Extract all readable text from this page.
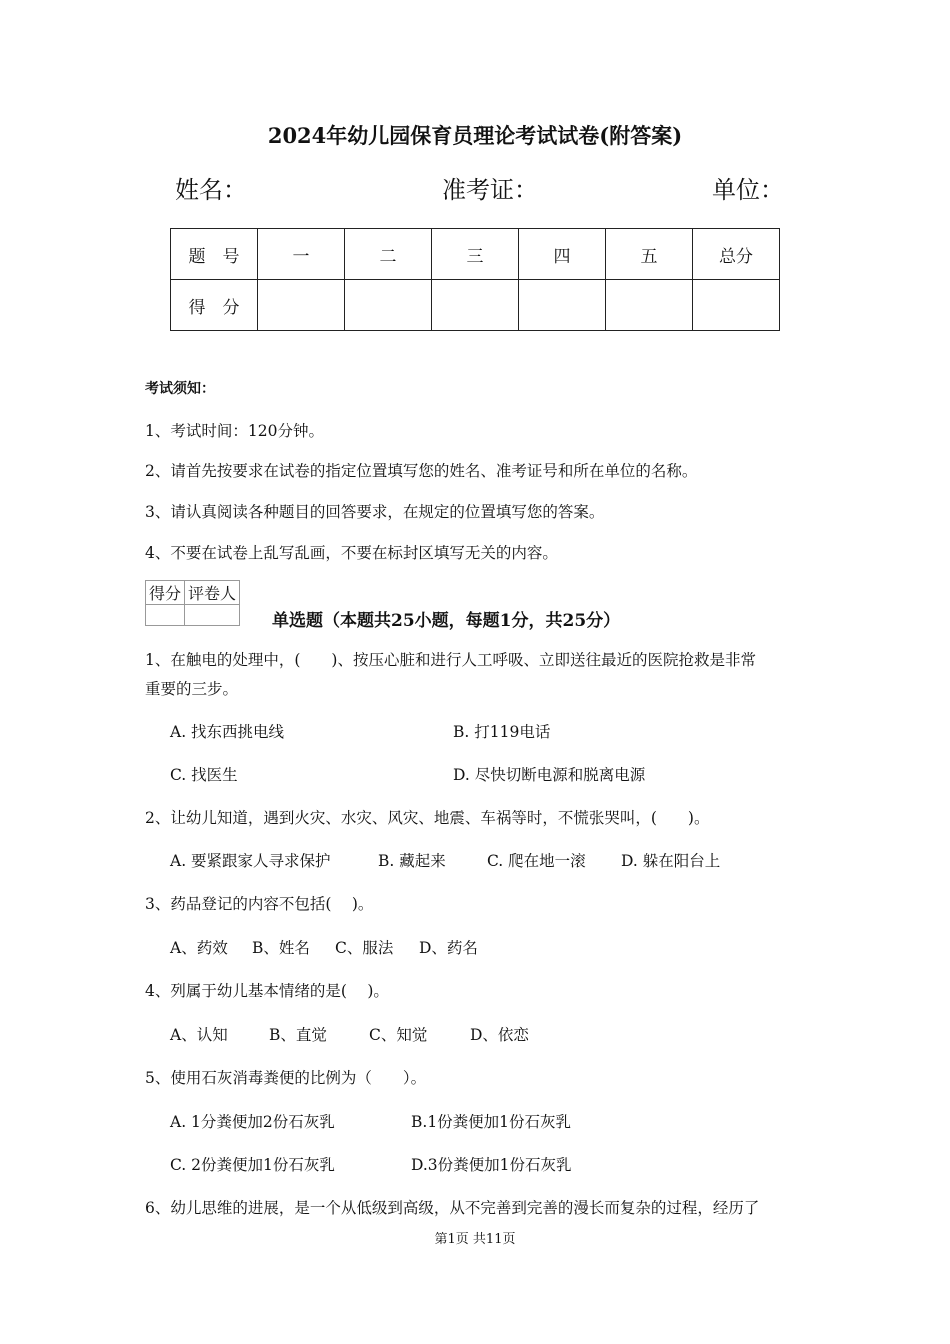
2024年幼儿园保育员理论考试试卷(附答案)
姓名：	准考证：	单位：
题　号	一	二	三	四	五	总分
得　分						
考试须知：
1、考试时间：120分钟。
2、请首先按要求在试卷的指定位置填写您的姓名、准考证号和所在单位的名称。
3、请认真阅读各种题目的回答要求，在规定的位置填写您的答案。
4、不要在试卷上乱写乱画，不要在标封区填写无关的内容。
得分	评卷人

单选题（本题共25小题，每题1分，共25分）
1、在触电的处理中，(　　)、按压心脏和进行人工呼吸、立即送往最近的医院抢救是非常
重要的三步。
A. 找东西挑电线	B. 打119电话
C. 找医生	D. 尽快切断电源和脱离电源
2、让幼儿知道，遇到火灾、水灾、风灾、地震、车祸等时，不慌张哭叫，(　　)。
A. 要紧跟家人寻求保护	B. 藏起来	C. 爬在地一滚 D. 躲在阳台上
3、药品登记的内容不包括(　 )。
A、药效 B、姓名 C、服法 D、药名
4、列属于幼儿基本情绪的是(　 )。
A、认知	B、直觉	C、知觉	D、依恋
5、使用石灰消毒粪便的比例为（　　）。
A. 1分粪便加2份石灰乳	B.1份粪便加1份石灰乳
C. 2份粪便加1份石灰乳	D.3份粪便加1份石灰乳
6、幼儿思维的进展，是一个从低级到高级，从不完善到完善的漫长而复杂的过程，经历了
第1页 共11页
